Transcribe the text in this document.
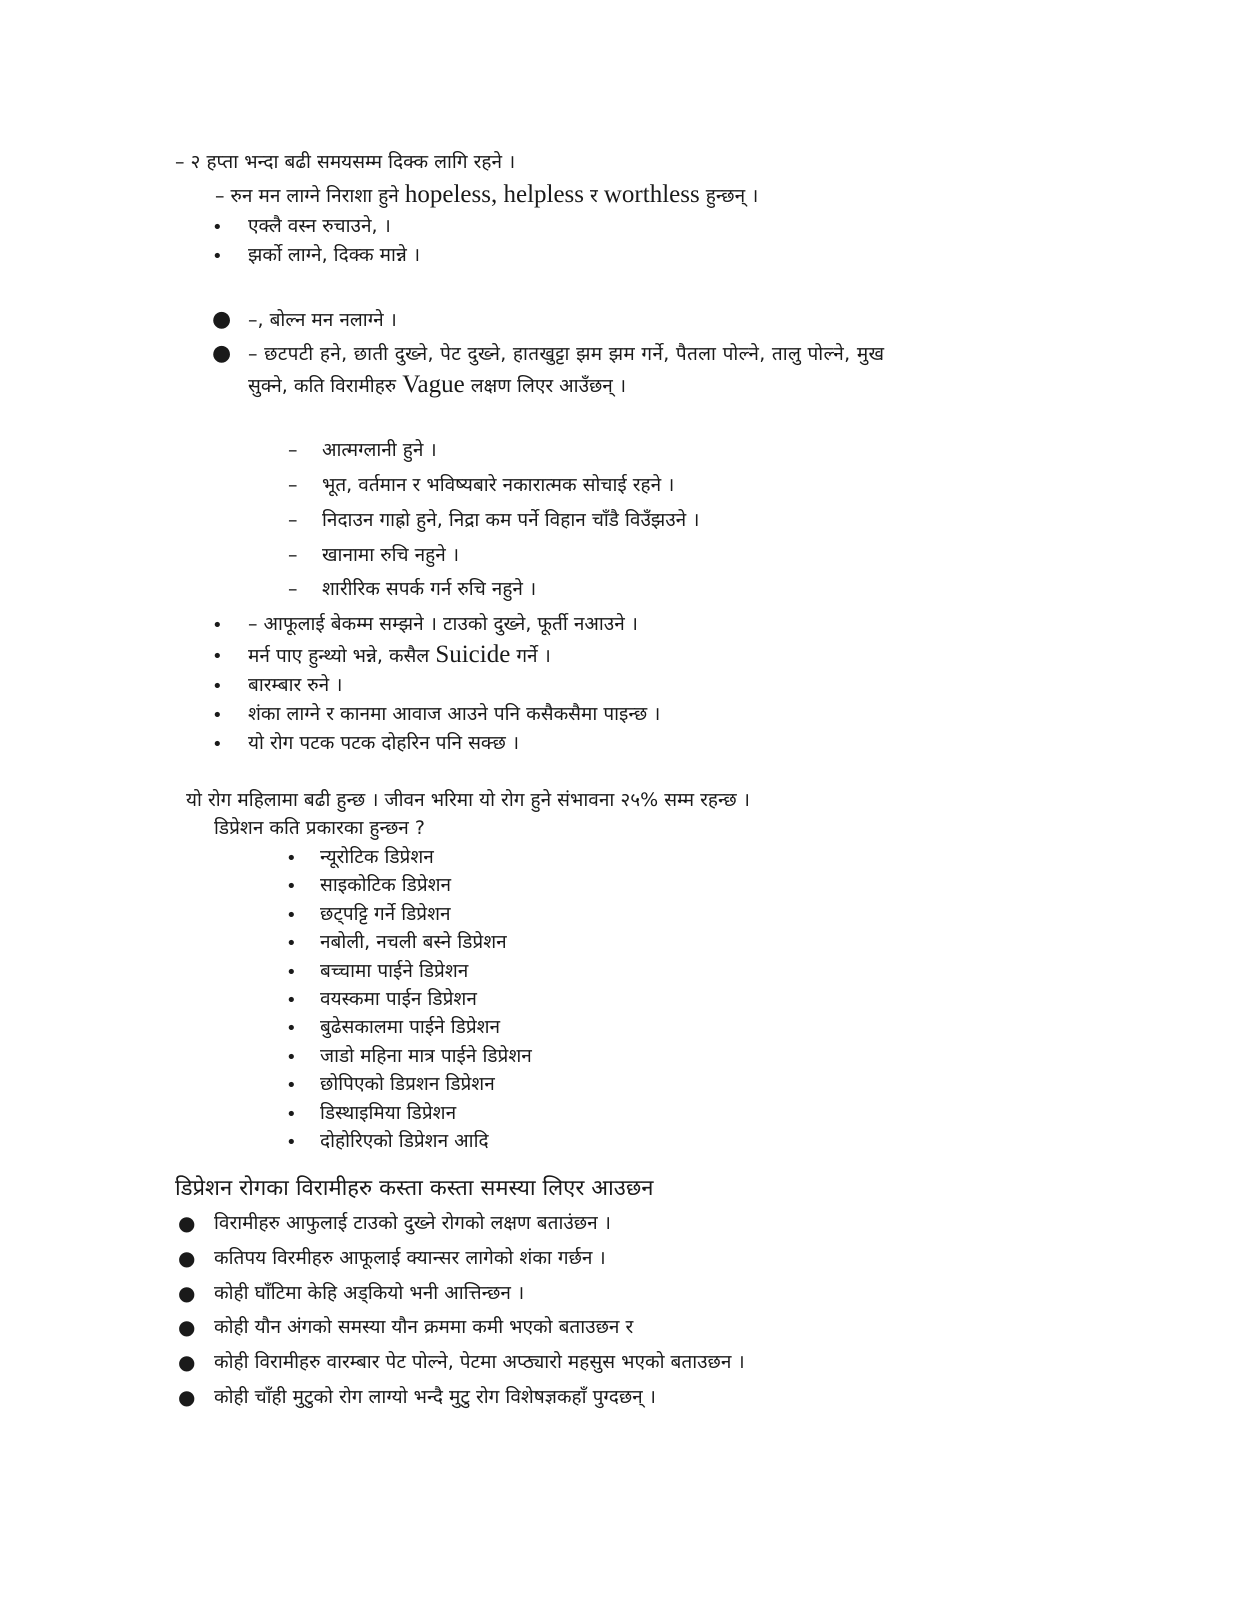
– २ हप्ता भन्दा बढी समयसम्म दिक्क लागि रहने ।
– रुन मन लाग्ने निराशा हुने hopeless, helpless र worthless हुन्छन् ।
• एक्लै वस्न रुचाउने, ।
• झर्को लाग्ने, दिक्क मान्ने ।
● –, बोल्न मन नलाग्ने ।
● – छटपटी हने, छाती दुख्ने, पेट दुख्ने, हातखुट्टा झम झम गर्ने, पैतला पोल्ने, तालु पोल्ने, मुख
सुक्ने, कति विरामीहरु Vague लक्षण लिएर आउँछन् ।
– आत्मग्लानी हुने ।
– भूत, वर्तमान र भविष्यबारे नकारात्मक सोचाई रहने ।
– निदाउन गाह्रो हुने, निद्रा कम पर्ने विहान चाँडै विउँझउने ।
– खानामा रुचि नहुने ।
– शारीरिक सपर्क गर्न रुचि नहुने ।
• – आफूलाई बेकम्म सम्झने । टाउको दुख्ने, फूर्ती नआउने ।
• मर्न पाए हुन्थ्यो भन्ने, कसैल Suicide गर्ने ।
• बारम्बार रुने ।
• शंका लाग्ने र कानमा आवाज आउने पनि कसैकसैमा पाइन्छ ।
• यो रोग पटक पटक दोहरिन पनि सक्छ ।
यो रोग महिलामा बढी हुन्छ । जीवन भरिमा यो रोग हुने संभावना २५% सम्म रहन्छ ।
डिप्रेशन कति प्रकारका हुन्छन ?
• न्यूरोटिक डिप्रेशन
• साइकोटिक डिप्रेशन
• छट्पट्टि गर्ने डिप्रेशन
• नबोली, नचली बस्ने डिप्रेशन
• बच्चामा पाईने डिप्रेशन
• वयस्कमा पाईन डिप्रेशन
• बुढेसकालमा पाईने डिप्रेशन
• जाडो महिना मात्र पाईने डिप्रेशन
• छोपिएको डिप्रशन डिप्रेशन
• डिस्थाइमिया डिप्रेशन
• दोहोरिएको डिप्रेशन आदि
डिप्रेशन रोगका विरामीहरु कस्ता कस्ता समस्या लिएर आउछन
● विरामीहरु आफुलाई टाउको दुख्ने रोगको लक्षण बताउंछन ।
● कतिपय विरमीहरु आफूलाई क्यान्सर लागेको शंका गर्छन ।
● कोही घाँटिमा केहि अड्कियो भनी आत्तिन्छन ।
● कोही यौन अंगको समस्या यौन क्रममा कमी भएको बताउछन र
● कोही विरामीहरु वारम्बार पेट पोल्ने, पेटमा अप्ठ्यारो महसुस भएको बताउछन ।
● कोही चाँही मुटुको रोग लाग्यो भन्दै मुटु रोग विशेषज्ञकहाँ पुग्दछन् ।
